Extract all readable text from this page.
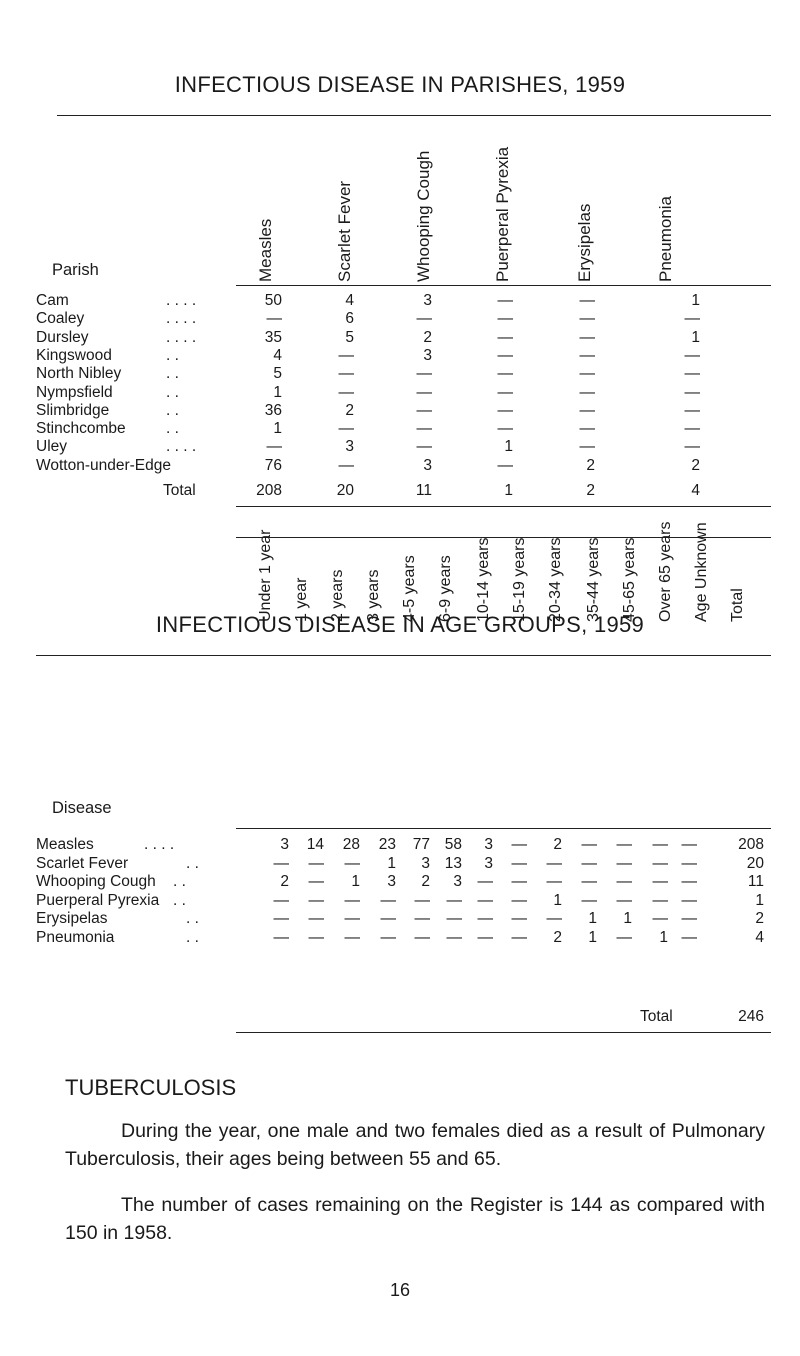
INFECTIOUS DISEASE IN PARISHES, 1959
Parish	Measles	Scarlet Fever	Whooping Cough	Puerperal Pyrexia	Erysipelas	Pneumonia
Cam	. . . .	50	4	3	—	—	1
Coaley	. . . .	—	6	—	—	—	—
Dursley	. . . .	35	5	2	—	—	1
Kingswood	. .	4	—	3	—	—	—
North Nibley	. .	5	—	—	—	—	—
Nympsfield	. .	1	—	—	—	—	—
Slimbridge	. .	36	2	—	—	—	—
Stinchcombe	. .	1	—	—	—	—	—
Uley	. . . .	—	3	—	1	—	—
Wotton-under-Edge	76	—	3	—	2	2
Total	208	20	11	1	2	4
INFECTIOUS DISEASE IN AGE GROUPS, 1959
Disease
Under 1 year 1 year 2 years 3 years 4-5 years 6-9 years 10-14 years 15-19 years 20-34 years 35-44 years 45-65 years Over 65 years Age Unknown Total
Measles	. . . .	3	14	28	23	77 58	3	—	2	—	—	— —	208
Scarlet Fever	. .	—	—	—	1	3 13	3	—	—	—	—	— —	20
Whooping Cough . .	2	—	1	3	2	3	—	—	—	—	—	— —	11
Puerperal Pyrexia . .	—	—	—	—	—	—	—	—	1	—	—	— —	1
Erysipelas	. .	—	—	—	—	—	—	—	—	—	1	1	— —	2
Pneumonia	. .	—	—	—	—	—	—	—	—	2	1	—	1 —	4
Total	246
TUBERCULOSIS
During the year, one male and two females died as a result of Pulmonary Tuberculosis, their ages being between 55 and 65.
The number of cases remaining on the Register is 144 as compared with 150 in 1958.
16
